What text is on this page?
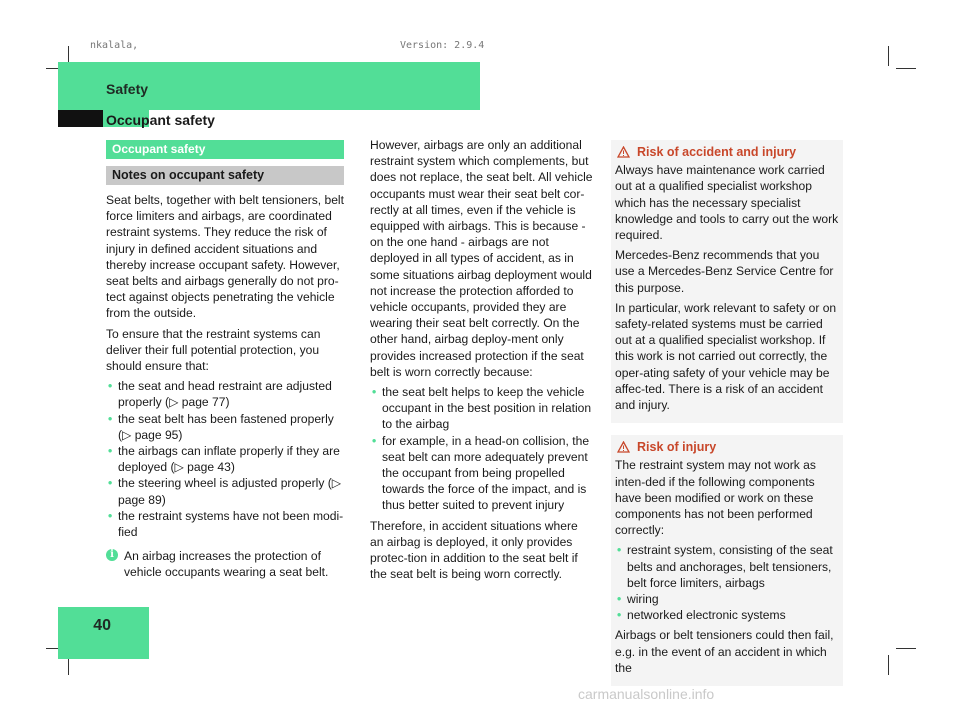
nkalala,	Version: 2.9.4
Safety
Occupant safety
40
Occupant safety
Notes on occupant safety

Seat belts, together with belt tensioners, belt force limiters and airbags, are coordinated restraint systems. They reduce the risk of injury in defined accident situations and thereby increase occupant safety. However, seat belts and airbags generally do not pro-tect against objects penetrating the vehicle from the outside.

To ensure that the restraint systems can deliver their full potential protection, you should ensure that:

• the seat and head restraint are adjusted properly (▷ page 77)
• the seat belt has been fastened properly (▷ page 95)
• the airbags can inflate properly if they are deployed (▷ page 43)
• the steering wheel is adjusted properly (▷ page 89)
• the restraint systems have not been modi-fied
i An airbag increases the protection of vehicle occupants wearing a seat belt.

However, airbags are only an additional restraint system which complements, but does not replace, the seat belt. All vehicle occupants must wear their seat belt cor-rectly at all times, even if the vehicle is equipped with airbags. This is because - on the one hand - airbags are not deployed in all types of accident, as in some situations airbag deployment would not increase the protection afforded to vehicle occupants, provided they are wearing their seat belt correctly. On the other hand, airbag deploy-ment only provides increased protection if the seat belt is worn correctly because:

• the seat belt helps to keep the vehicle occupant in the best position in relation to the airbag
• for example, in a head-on collision, the seat belt can more adequately prevent the occupant from being propelled towards the force of the impact, and is thus better suited to prevent injury

Therefore, in accident situations where an airbag is deployed, it only provides protec-tion in addition to the seat belt if the seat belt is being worn correctly.

Risk of accident and injury

Always have maintenance work carried out at a qualified specialist workshop which has the necessary specialist knowledge and tools to carry out the work required.

Mercedes-Benz recommends that you use a Mercedes-Benz Service Centre for this purpose.

In particular, work relevant to safety or on safety-related systems must be carried out at a qualified specialist workshop. If this work is not carried out correctly, the oper-ating safety of your vehicle may be affec-ted. There is a risk of an accident and injury.

Risk of injury

The restraint system may not work as inten-ded if the following components have been modified or work on these components has not been performed correctly:

• restraint system, consisting of the seat belts and anchorages, belt tensioners, belt force limiters, airbags
• wiring
• networked electronic systems

Airbags or belt tensioners could then fail, e.g. in the event of an accident in which the

carmanualsonline.info
